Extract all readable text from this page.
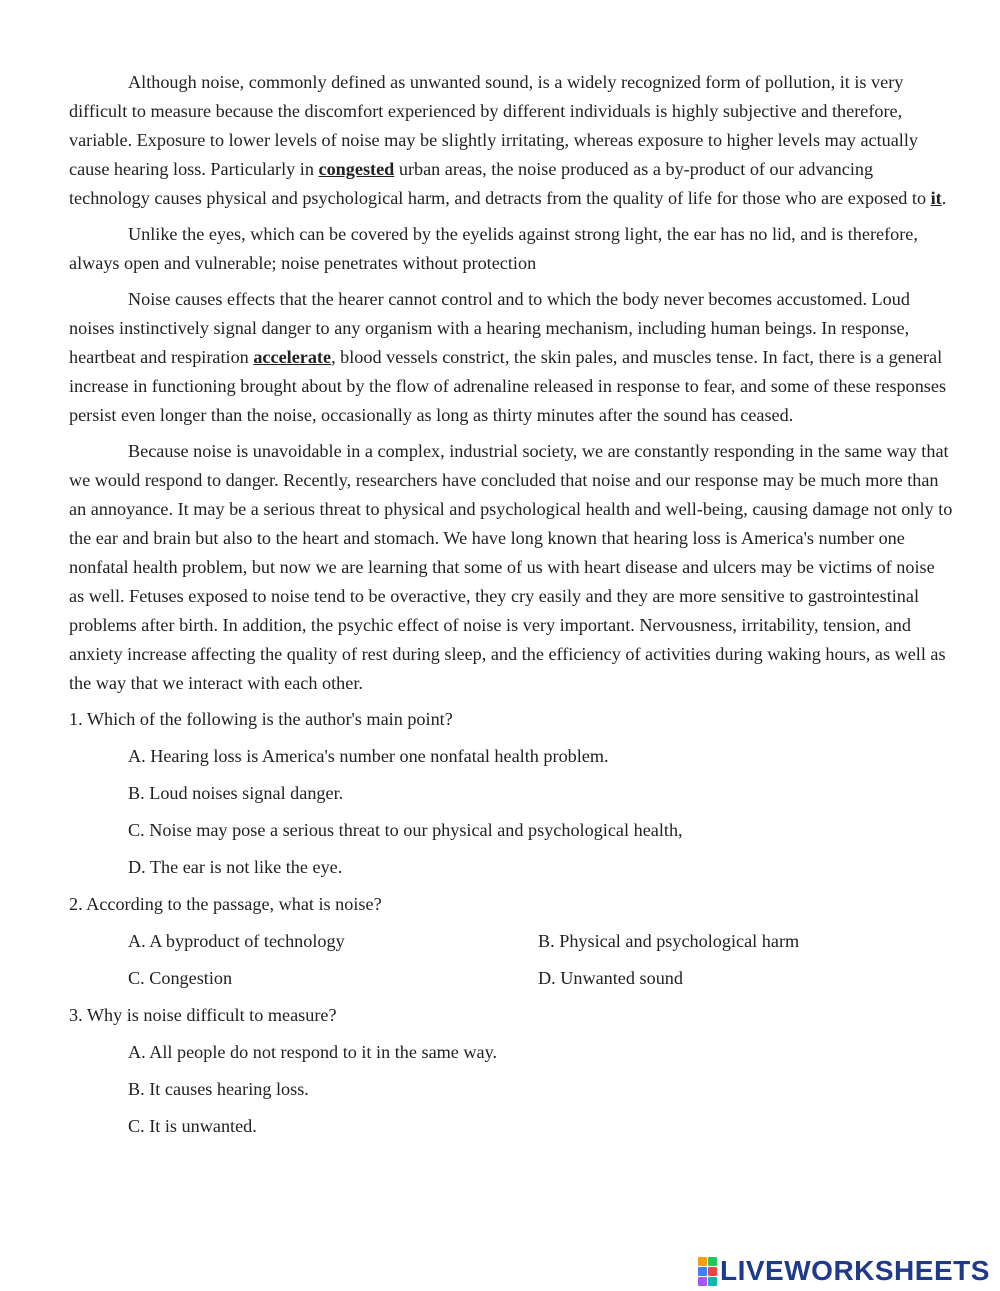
Although noise, commonly defined as unwanted sound, is a widely recognized form of pollution, it is very difficult to measure because the discomfort experienced by different individuals is highly subjective and therefore, variable. Exposure to lower levels of noise may be slightly irritating, whereas exposure to higher levels may actually cause hearing loss. Particularly in congested urban areas, the noise produced as a by-product of our advancing technology causes physical and psychological harm, and detracts from the quality of life for those who are exposed to it.

Unlike the eyes, which can be covered by the eyelids against strong light, the ear has no lid, and is therefore, always open and vulnerable; noise penetrates without protection

Noise causes effects that the hearer cannot control and to which the body never becomes accustomed. Loud noises instinctively signal danger to any organism with a hearing mechanism, including human beings. In response, heartbeat and respiration accelerate, blood vessels constrict, the skin pales, and muscles tense. In fact, there is a general increase in functioning brought about by the flow of adrenaline released in response to fear, and some of these responses persist even longer than the noise, occasionally as long as thirty minutes after the sound has ceased.

Because noise is unavoidable in a complex, industrial society, we are constantly responding in the same way that we would respond to danger. Recently, researchers have concluded that noise and our response may be much more than an annoyance. It may be a serious threat to physical and psychological health and well-being, causing damage not only to the ear and brain but also to the heart and stomach. We have long known that hearing loss is America's number one nonfatal health problem, but now we are learning that some of us with heart disease and ulcers may be victims of noise as well. Fetuses exposed to noise tend to be overactive, they cry easily and they are more sensitive to gastrointestinal problems after birth. In addition, the psychic effect of noise is very important. Nervousness, irritability, tension, and anxiety increase affecting the quality of rest during sleep, and the efficiency of activities during waking hours, as well as the way that we interact with each other.

1. Which of the following is the author's main point?

A. Hearing loss is America's number one nonfatal health problem.

B. Loud noises signal danger.

C. Noise may pose a serious threat to our physical and psychological health,

D. The ear is not like the eye.

2. According to the passage, what is noise?

A. A byproduct of technology	B. Physical and psychological harm
C. Congestion	D. Unwanted sound

3. Why is noise difficult to measure?

A. All people do not respond to it in the same way.

B. It causes hearing loss.

C. It is unwanted.

LIVEWORKSHEETS
